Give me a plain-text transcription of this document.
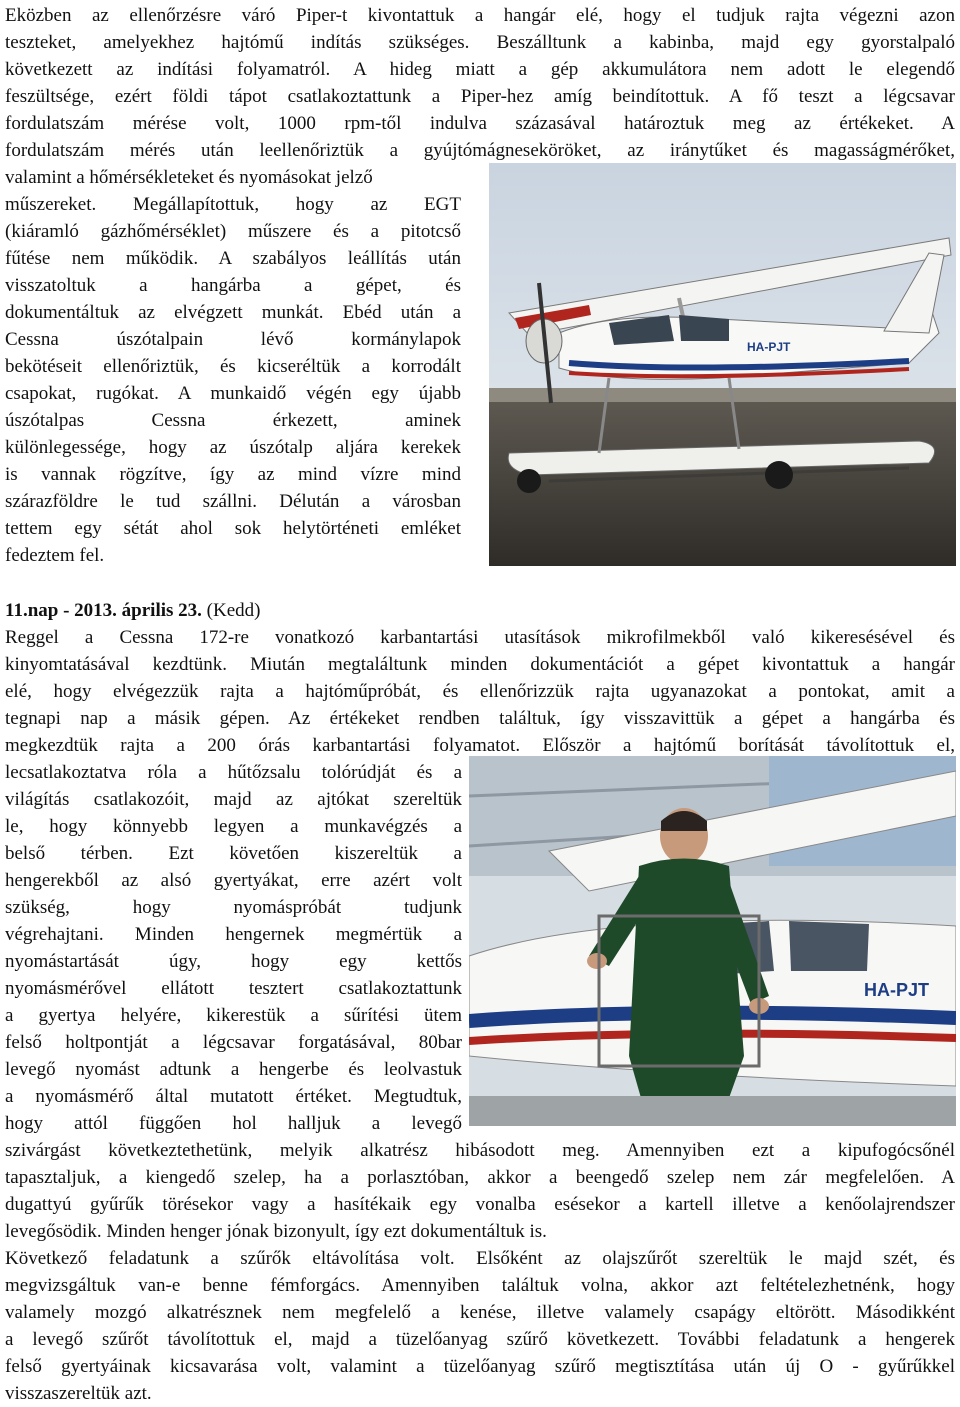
Eközben az ellenőrzésre váró Piper-t kivontattuk a hangár elé, hogy el tudjuk rajta végezni azon
teszteket, amelyekhez hajtómű indítás szükséges. Beszálltunk a kabinba, majd egy gyorstalpaló
következett az indítási folyamatról. A hideg miatt a gép akkumulátora nem adott le elegendő
feszültsége, ezért földi tápot csatlakoztattunk a Piper-hez amíg beindítottuk. A fő teszt a légcsavar
fordulatszám mérése volt, 1000 rpm-től indulva százasával határoztuk meg az értékeket. A
fordulatszám mérés után leellenőriztük a gyújtómágneseköröket, az iránytűket és magasságmérőket,
valamint a hőmérsékleteket és nyomásokat jelző
műszereket. Megállapítottuk, hogy az EGT
(kiáramló gázhőmérséklet) műszere és a pitotcső
fűtése nem működik. A szabályos leállítás után
visszatoltuk a hangárba a gépet, és
dokumentáltuk az elvégzett munkát. Ebéd után a
Cessna úszótalpain lévő kormánylapok
bekötéseit ellenőriztük, és kicseréltük a korrodált
csapokat, rugókat. A munkaidő végén egy újabb
úszótalpas Cessna érkezett, aminek
különlegessége, hogy az úszótalp aljára kerekek
is vannak rögzítve, így az mind vízre mind
szárazföldre le tud szállni. Délután a városban
tettem egy sétát ahol sok helytörténeti emléket
fedeztem fel.
HA-PJT
11.nap - 2013. április 23. (Kedd)
Reggel a Cessna 172-re vonatkozó karbantartási utasítások mikrofilmekből való kikeresésével és
kinyomtatásával kezdtünk. Miután megtaláltunk minden dokumentációt a gépet kivontattuk a hangár
elé, hogy elvégezzük rajta a hajtóműpróbát, és ellenőrizzük rajta ugyanazokat a pontokat, amit a
tegnapi nap a másik gépen. Az értékeket rendben találtuk, így visszavittük a gépet a hangárba és
megkezdtük rajta a 200 órás karbantartási folyamatot. Először a hajtómű borítását távolítottuk el,
lecsatlakoztatva róla a hűtőzsalu tolórúdját és a
világítás csatlakozóit, majd az ajtókat szereltük
le, hogy könnyebb legyen a munkavégzés a
belső térben. Ezt követően kiszereltük a
hengerekből az alsó gyertyákat, erre azért volt
szükség, hogy nyomáspróbát tudjunk
végrehajtani. Minden hengernek megmértük a
nyomástartását úgy, hogy egy kettős
nyomásmérővel ellátott tesztert csatlakoztattunk
a gyertya helyére, kikerestük a sűrítési ütem
felső holtpontját a légcsavar forgatásával, 80bar
levegő nyomást adtunk a hengerbe és leolvastuk
a nyomásmérő által mutatott értéket. Megtudtuk,
hogy attól függően hol halljuk a levegő
HA-PJT
szivárgást következtethetünk, melyik alkatrész hibásodott meg. Amennyiben ezt a kipufogócsőnél
tapasztaljuk, a kiengedő szelep, ha a porlasztóban, akkor a beengedő szelep nem zár megfelelően. A
dugattyú gyűrűk törésekor vagy a hasítékaik egy vonalba esésekor a kartell illetve a kenőolajrendszer
levegősödik. Minden henger jónak bizonyult, így ezt dokumentáltuk is.
Következő feladatunk a szűrők eltávolítása volt. Elsőként az olajszűrőt szereltük le majd szét, és
megvizsgáltuk van-e benne fémforgács. Amennyiben találtuk volna, akkor azt feltételezhetnénk, hogy
valamely mozgó alkatrésznek nem megfelelő a kenése, illetve valamely csapágy eltörött. Másodikként
a levegő szűrőt távolítottuk el, majd a tüzelőanyag szűrő következett. További feladatunk a hengerek
felső gyertyáinak kicsavarása volt, valamint a tüzelőanyag szűrő megtisztítása után új O - gyűrűkkel
visszaszereltük azt.
